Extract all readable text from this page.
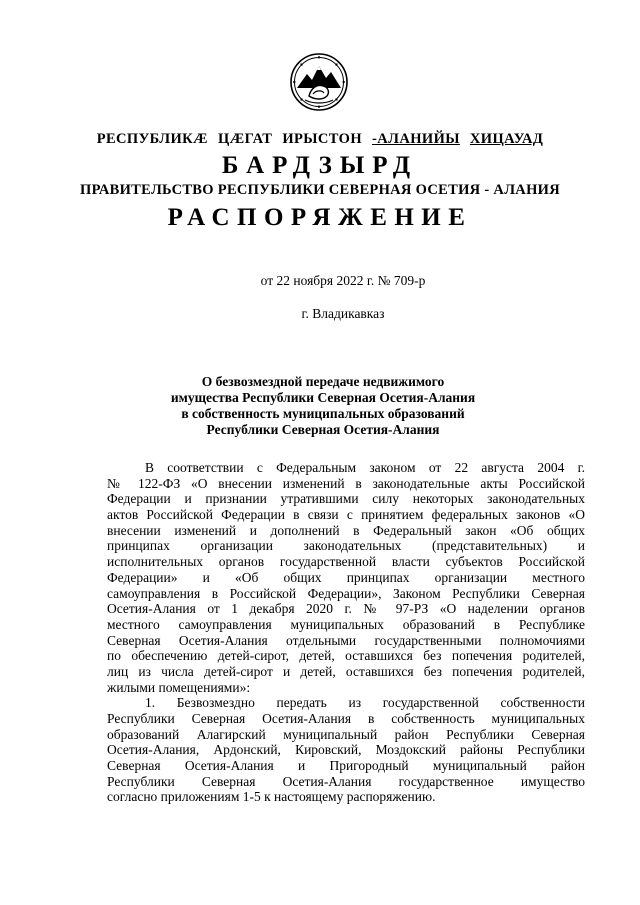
РЕСПУБЛИКÆ ЦÆГАТ ИРЫСТОН -АЛАНИЙЫ ХИЦАУАД
БАРДЗЫРД
ПРАВИТЕЛЬСТВО РЕСПУБЛИКИ СЕВЕРНАЯ ОСЕТИЯ - АЛАНИЯ
РАСПОРЯЖЕНИЕ
от 22 ноября 2022 г. № 709-р
г. Владикавказ
О безвозмездной передаче недвижимого
имущества Республики Северная Осетия-Алания
в собственность муниципальных образований
Республики Северная Осетия-Алания
В соответствии с Федеральным законом от 22 августа 2004 г.
№ 122-ФЗ «О внесении изменений в законодательные акты Российской
Федерации и признании утратившими силу некоторых законодательных
актов Российской Федерации в связи с принятием федеральных законов «О
внесении изменений и дополнений в Федеральный закон «Об общих
принципах организации законодательных (представительных) и
исполнительных органов государственной власти субъектов Российской
Федерации» и «Об общих принципах организации местного
самоуправления в Российской Федерации», Законом Республики Северная
Осетия-Алания от 1 декабря 2020 г. № 97-РЗ «О наделении органов
местного самоуправления муниципальных образований в Республике
Северная Осетия-Алания отдельными государственными полномочиями
по обеспечению детей-сирот, детей, оставшихся без попечения родителей,
лиц из числа детей-сирот и детей, оставшихся без попечения родителей,
жилыми помещениями»:
1. Безвозмездно передать из государственной собственности
Республики Северная Осетия-Алания в собственность муниципальных
образований Алагирский муниципальный район Республики Северная
Осетия-Алания, Ардонский, Кировский, Моздокский районы Республики
Северная Осетия-Алания и Пригородный муниципальный район
Республики Северная Осетия-Алания государственное имущество
согласно приложениям 1-5 к настоящему распоряжению.
